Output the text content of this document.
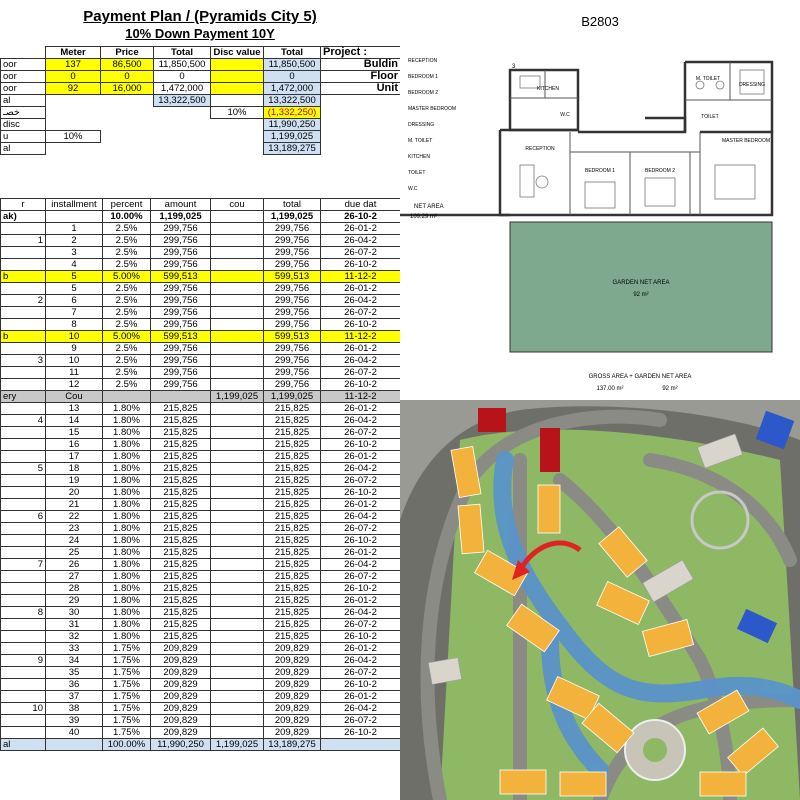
Payment Plan / (Pyramids City 5)
10% Down Payment 10Y
	Meter	Price	Total	Disc value	Total	Project :
oor	137	86,500	11,850,500		11,850,500	Buldin
oor	0	0	0		0	Floor
oor	92	16,000	1,472,000		1,472,000	Unit
al			13,322,500		13,322,500	
خصـ				10%	(1,332,250)	
disc					11,990,250	
u	10%				1,199,025	
al					13,189,275	
r	installment	percent	amount	cou	total	due dat
ak)		10.00%	1,199,025		1,199,025	26-10-2
	1	2.5%	299,756		299,756	26-01-2
1	2	2.5%	299,756		299,756	26-04-2
	3	2.5%	299,756		299,756	26-07-2
	4	2.5%	299,756		299,756	26-10-2
b	5	5.00%	599,513		599,513	11-12-2
	5	2.5%	299,756		299,756	26-01-2
2	6	2.5%	299,756		299,756	26-04-2
	7	2.5%	299,756		299,756	26-07-2
	8	2.5%	299,756		299,756	26-10-2
b	10	5.00%	599,513		599,513	11-12-2
	9	2.5%	299,756		299,756	26-01-2
3	10	2.5%	299,756		299,756	26-04-2
	11	2.5%	299,756		299,756	26-07-2
	12	2.5%	299,756		299,756	26-10-2
ery	Cou			1,199,025	1,199,025	11-12-2
	13	1.80%	215,825		215,825	26-01-2
4	14	1.80%	215,825		215,825	26-04-2
	15	1.80%	215,825		215,825	26-07-2
	16	1.80%	215,825		215,825	26-10-2
	17	1.80%	215,825		215,825	26-01-2
5	18	1.80%	215,825		215,825	26-04-2
	19	1.80%	215,825		215,825	26-07-2
	20	1.80%	215,825		215,825	26-10-2
	21	1.80%	215,825		215,825	26-01-2
6	22	1.80%	215,825		215,825	26-04-2
	23	1.80%	215,825		215,825	26-07-2
	24	1.80%	215,825		215,825	26-10-2
	25	1.80%	215,825		215,825	26-01-2
7	26	1.80%	215,825		215,825	26-04-2
	27	1.80%	215,825		215,825	26-07-2
	28	1.80%	215,825		215,825	26-10-2
	29	1.80%	215,825		215,825	26-01-2
8	30	1.80%	215,825		215,825	26-04-2
	31	1.80%	215,825		215,825	26-07-2
	32	1.80%	215,825		215,825	26-10-2
	33	1.75%	209,829		209,829	26-01-2
9	34	1.75%	209,829		209,829	26-04-2
	35	1.75%	209,829		209,829	26-07-2
	36	1.75%	209,829		209,829	26-10-2
	37	1.75%	209,829		209,829	26-01-2
10	38	1.75%	209,829		209,829	26-04-2
	39	1.75%	209,829		209,829	26-07-2
	40	1.75%	209,829		209,829	26-10-2
al		100.00%	11,990,250	1,199,025	13,189,275	
B2803
GARDEN NET AREA
92 m²
KITCHEN
RECEPTION
BEDROOM 1	BEDROOM 2
MASTER BEDROOM
DRESSING
TOILET
M. TOILET
W.C
3
RECEPTION
BEDROOM 1
BEDROOM 2
MASTER BEDROOM
DRESSING
M. TOILET
KITCHEN
TOILET
W.C
NET AREA
109.29 m²
GROSS AREA + GARDEN NET AREA
137.00 m²	92 m²
